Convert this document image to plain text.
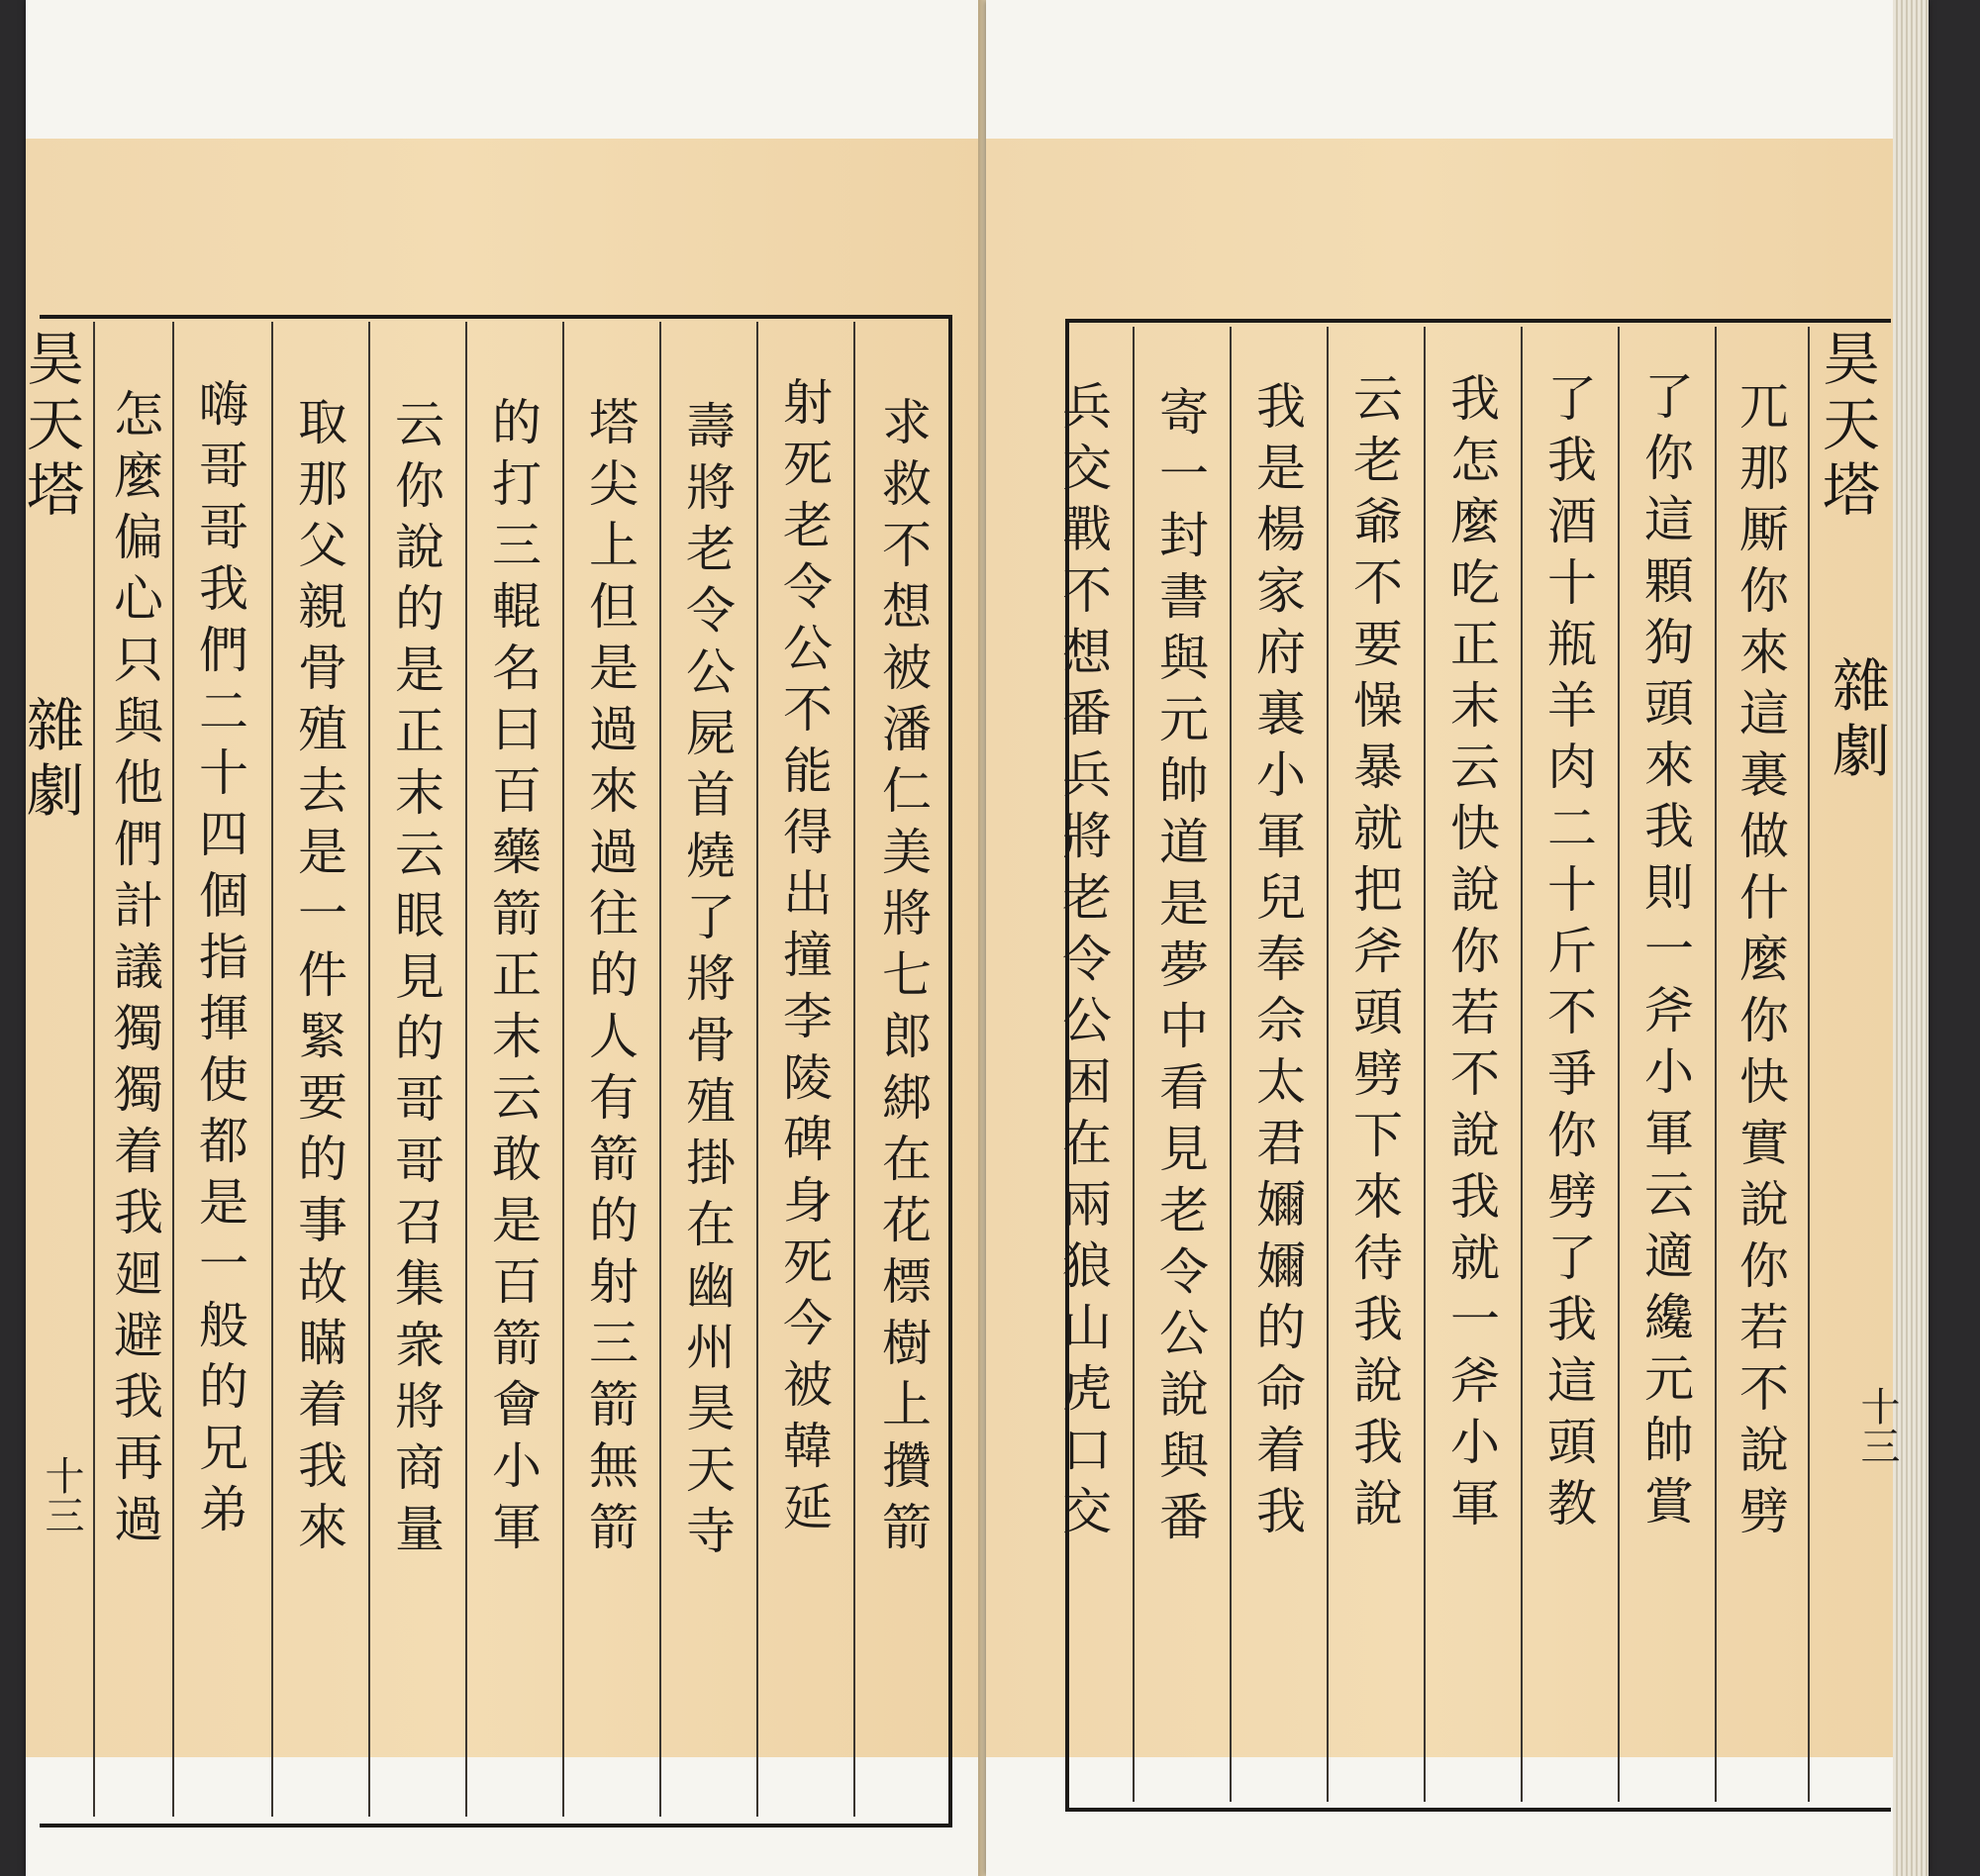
昊
天
塔
雜
劇
十三
求
救
不
想
被
潘
仁
美
將
七
郎
綁
在
花
標
樹
上
攢
箭
射
死
老
令
公
不
能
得
出
撞
李
陵
碑
身
死
今
被
韓
延
壽
將
老
令
公
屍
首
燒
了
將
骨
殖
掛
在
幽
州
昊
天
寺
塔
尖
上
但
是
過
來
過
往
的
人
有
箭
的
射
三
箭
無
箭
的
打
三
輥
名
曰
百
藥
箭
正
末
云
敢
是
百
箭
會
小
軍
云
你
說
的
是
正
末
云
眼
見
的
哥
哥
召
集
衆
將
商
量
取
那
父
親
骨
殖
去
是
一
件
緊
要
的
事
故
瞞
着
我
來
嗨
哥
哥
我
們
二
十
四
個
指
揮
使
都
是
一
般
的
兄
弟
怎
麼
偏
心
只
與
他
們
計
議
獨
獨
着
我
廻
避
我
再
過
昊
天
塔
雜
劇
十三
兀
那
厮
你
來
這
裏
做
什
麼
你
快
實
說
你
若
不
說
劈
了
你
這
顆
狗
頭
來
我
則
一
斧
小
軍
云
適
纔
元
帥
賞
了
我
酒
十
瓶
羊
肉
二
十
斤
不
爭
你
劈
了
我
這
頭
教
我
怎
麼
吃
正
末
云
快
說
你
若
不
說
我
就
一
斧
小
軍
云
老
爺
不
要
懆
暴
就
把
斧
頭
劈
下
來
待
我
說
我
說
我
是
楊
家
府
裏
小
軍
兒
奉
佘
太
君
嬭
嬭
的
命
着
我
寄
一
封
書
與
元
帥
道
是
夢
中
看
見
老
令
公
說
與
番
兵
交
戰
不
想
番
兵
將
老
令
公
困
在
兩
狼
山
虎
口
交
